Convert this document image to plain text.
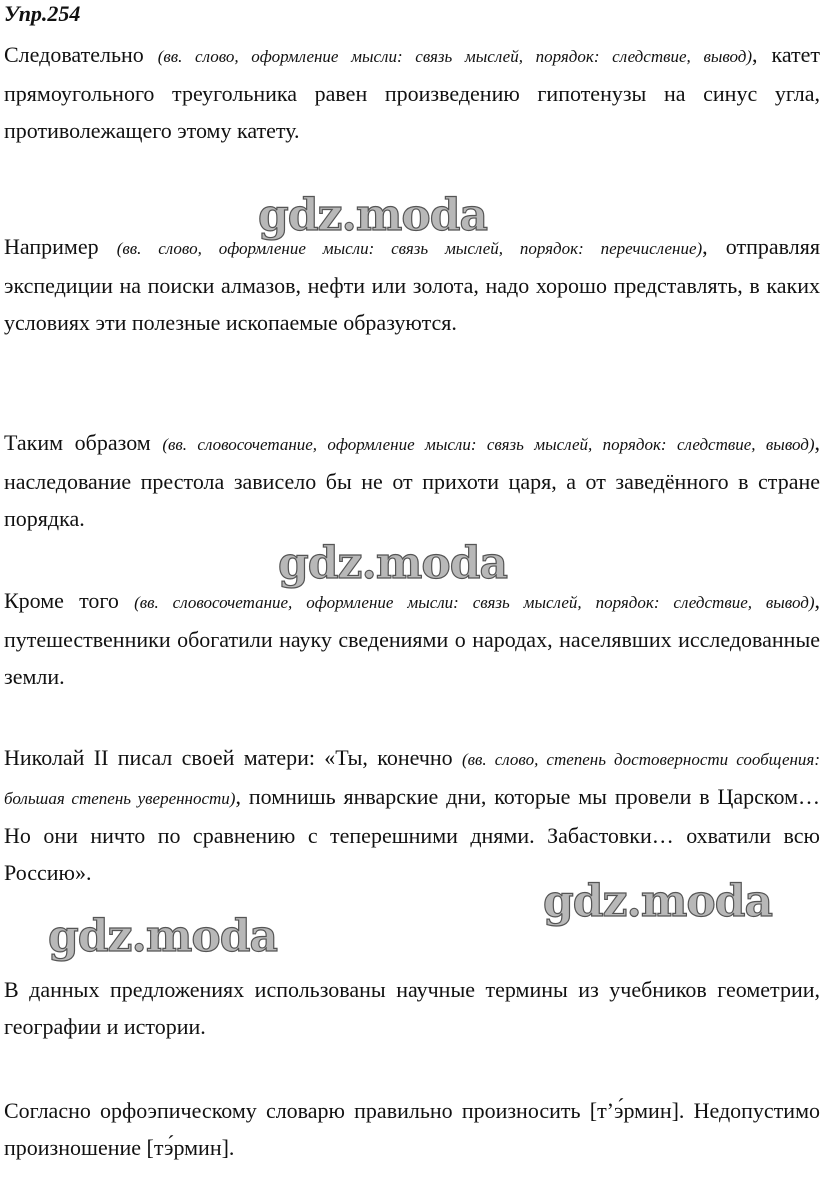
Упр.254

Следовательно (вв. слово, оформление мысли: связь мыслей, порядок: следствие, вывод), катет прямоугольного треугольника равен произведению гипотенузы на синус угла, противолежащего этому катету.

gdz.moda

Например (вв. слово, оформление мысли: связь мыслей, порядок: перечисление), отправляя экспедиции на поиски алмазов, нефти или золота, надо хорошо представлять, в каких условиях эти полезные ископаемые образуются.

Таким образом (вв. словосочетание, оформление мысли: связь мыслей, порядок: следствие, вывод), наследование престола зависело бы не от прихоти царя, а от заведённого в стране порядка.

gdz.moda

Кроме того (вв. словосочетание, оформление мысли: связь мыслей, порядок: следствие, вывод), путешественники обогатили науку сведениями о народах, населявших исследованные земли.

Николай II писал своей матери: «Ты, конечно (вв. слово, степень достоверности сообщения: большая степень уверенности), помнишь январские дни, которые мы провели в Царском… Но они ничто по сравнению с теперешними днями. Забастовки… охватили всю Россию».

gdz.moda
gdz.moda

В данных предложениях использованы научные термины из учебников геометрии, географии и истории.

Согласно орфоэпическому словарю правильно произносить [т’э́рмин]. Недопустимо произношение [тэ́рмин].
